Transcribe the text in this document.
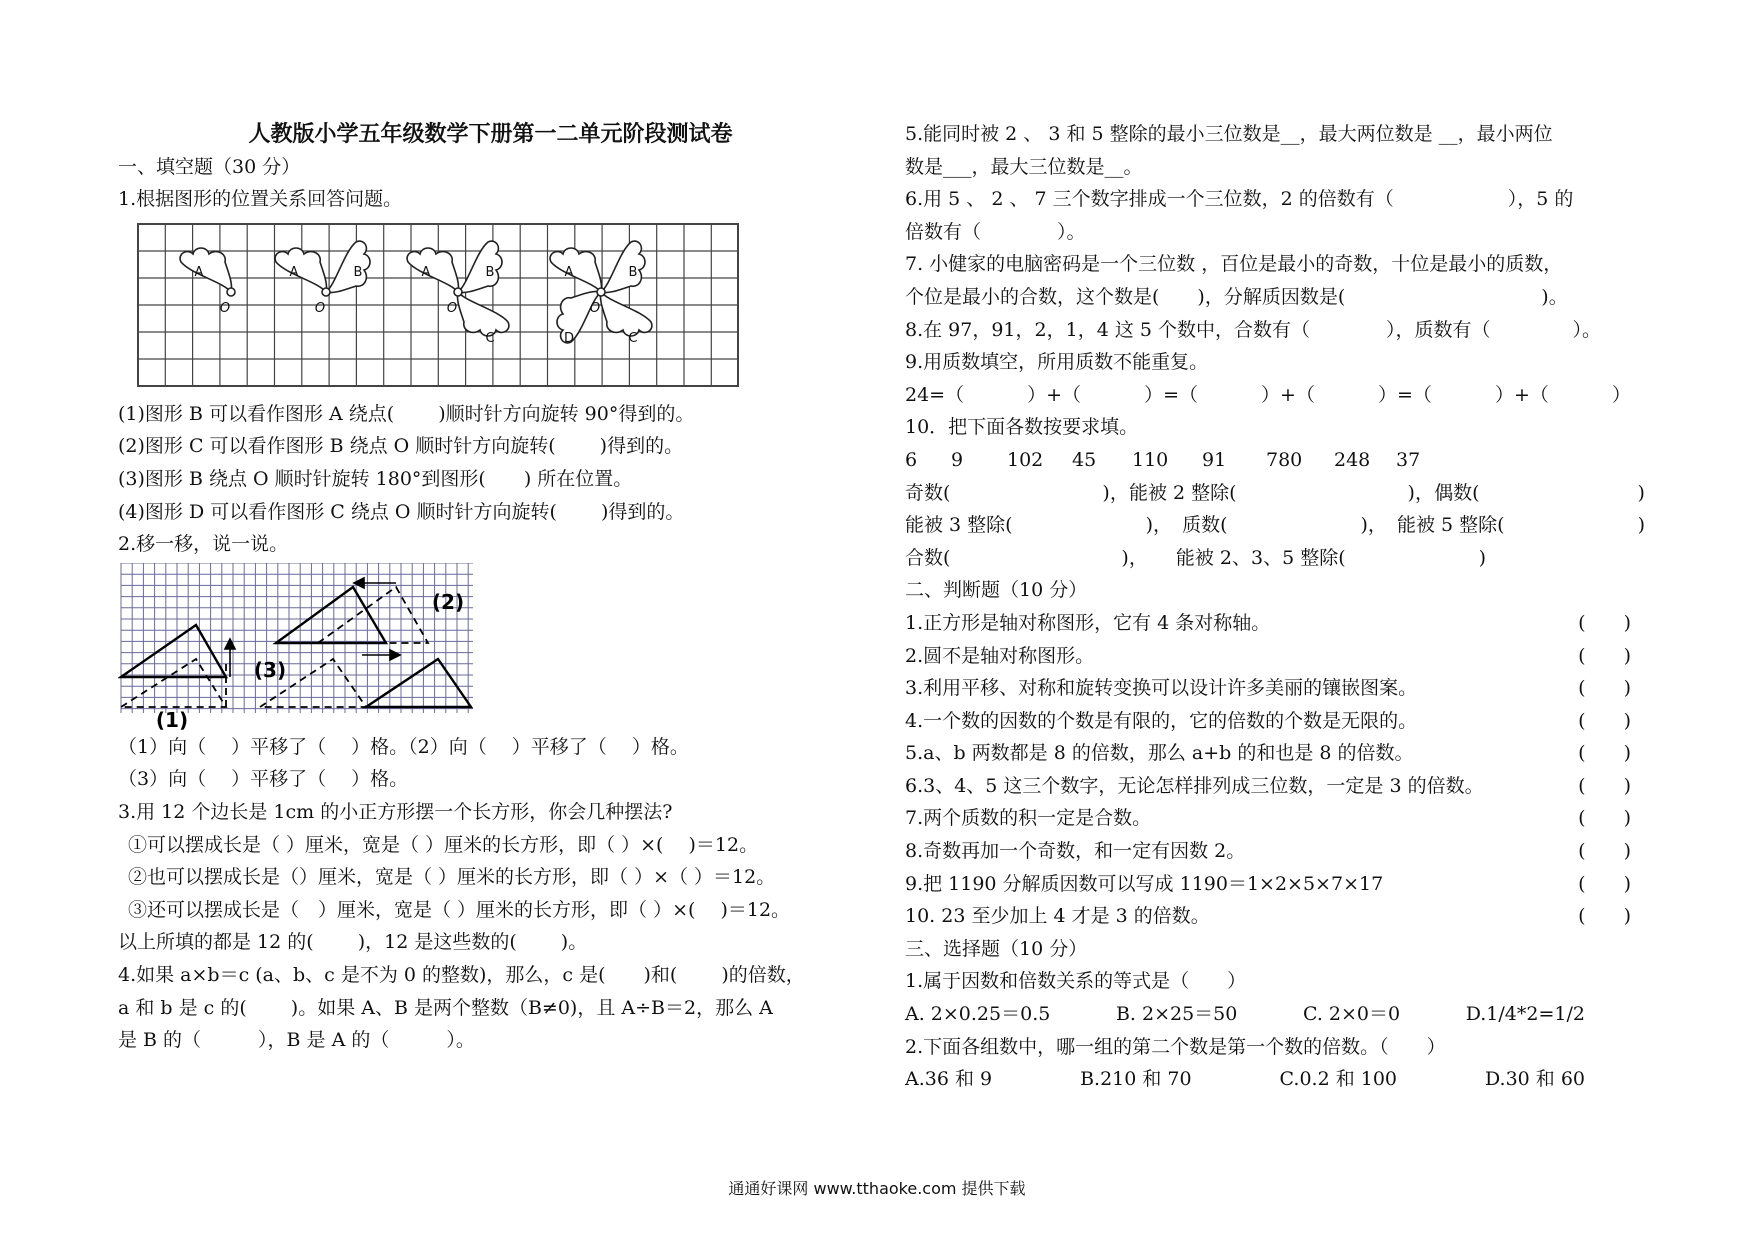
人教版小学五年级数学下册第一二单元阶段测试卷
一、填空题（30 分）
1.根据图形的位置关系回答问题。
A
O
A	B
O
A	B
C
O
A	B
C
D
O
(1)图形 B 可以看作图形 A 绕点(　　 )顺时针方向旋转 90°得到的。
(2)图形 C 可以看作图形 B 绕点 O 顺时针方向旋转(　　 )得到的。
(3)图形 B 绕点 O 顺时针旋转 180°到图形(　　) 所在位置。
(4)图形 D 可以看作图形 C 绕点 O 顺时针方向旋转(　　 )得到的。
2.移一移，说一说。
(1)
(2)
(3)
（1）向（　 ）平移了（　 ）格。（2）向（　 ）平移了（　 ）格。
（3）向（　 ）平移了（　 ）格。
3.用 12 个边长是 1cm 的小正方形摆一个长方形，你会几种摆法?
①可以摆成长是（ ）厘米，宽是（ ）厘米的长方形，即（ ）×(　 )＝12。
②也可以摆成长是（）厘米，宽是（ ）厘米的长方形，即（ ）×（ ）＝12。
③还可以摆成长是（　）厘米，宽是（ ）厘米的长方形，即（ ）×(　 )＝12。
以上所填的都是 12 的(　　 )，12 是这些数的(　　 )。
4.如果 a×b＝c (a、b、c 是不为 0 的整数)，那么，c 是(　　)和(　　 )的倍数，
a 和 b 是 c 的(　　 )。如果 A、B 是两个整数（B≠0)，且 A÷B＝2，那么 A
是 B 的（　　　），B 是 A 的（　　　）。
5.能同时被 2 、 3 和 5 整除的最小三位数是__，最大两位数是 __，最小两位
数是___，最大三位数是__。
6.用 5 、 2 、 7 三个数字排成一个三位数，2 的倍数有（　　　　　　），5 的
倍数有（　　　　）。
7. 小健家的电脑密码是一个三位数 ，百位是最小的奇数，十位是最小的质数，
个位是最小的合数，这个数是(　　)，分解质因数是(　　　　　　　　　　 )。
8.在 97，91，2，1，4 这 5 个数中，合数有（　　　　），质数有（　　　　 ）。
9.用质数填空，所用质数不能重复。
24=（　　　 ）+（　　　 ）=（　　　 ）+（　　　 ）=（　　　 ）+（　　　 ）
10．把下面各数按要求填。
6	9	102	45	110	91	780	248	37
奇数(　　　　　　　　)， 能被 2 整除(　　　　　　　　　)， 偶数(　　　　　　　　 )
能被 3 整除(　　　　　　　)， 质数(　　　　　　　)， 能被 5 整除(　　　　　　　)
合数(　　　　　　　　　)， 能被 2、3、5 整除(　　　　　　　)
二、判断题（10 分）
1.正方形是轴对称图形，它有 4 条对称轴。	(　　)
2.圆不是轴对称图形。	(　　)
3.利用平移、对称和旋转变换可以设计许多美丽的镶嵌图案。	(　　)
4.一个数的因数的个数是有限的，它的倍数的个数是无限的。	(　　)
5.a、b 两数都是 8 的倍数，那么 a+b 的和也是 8 的倍数。	(　　)
6.3、4、5 这三个数字，无论怎样排列成三位数，一定是 3 的倍数。	(　　)
7.两个质数的积一定是合数。	(　　)
8.奇数再加一个奇数，和一定有因数 2。	(　　)
9.把 1190 分解质因数可以写成 1190＝1×2×5×7×17	(　　)
10. 23 至少加上 4 才是 3 的倍数。	(　　)
三、选择题（10 分）
1.属于因数和倍数关系的等式是（　　）
A. 2×0.25＝0.5	B. 2×25＝50	C. 2×0＝0	D.1/4*2=1/2
2.下面各组数中，哪一组的第二个数是第一个数的倍数。（　　）
A.36 和 9	B.210 和 70	C.0.2 和 100	D.30 和 60
通通好课网 www.tthaoke.com 提供下载
